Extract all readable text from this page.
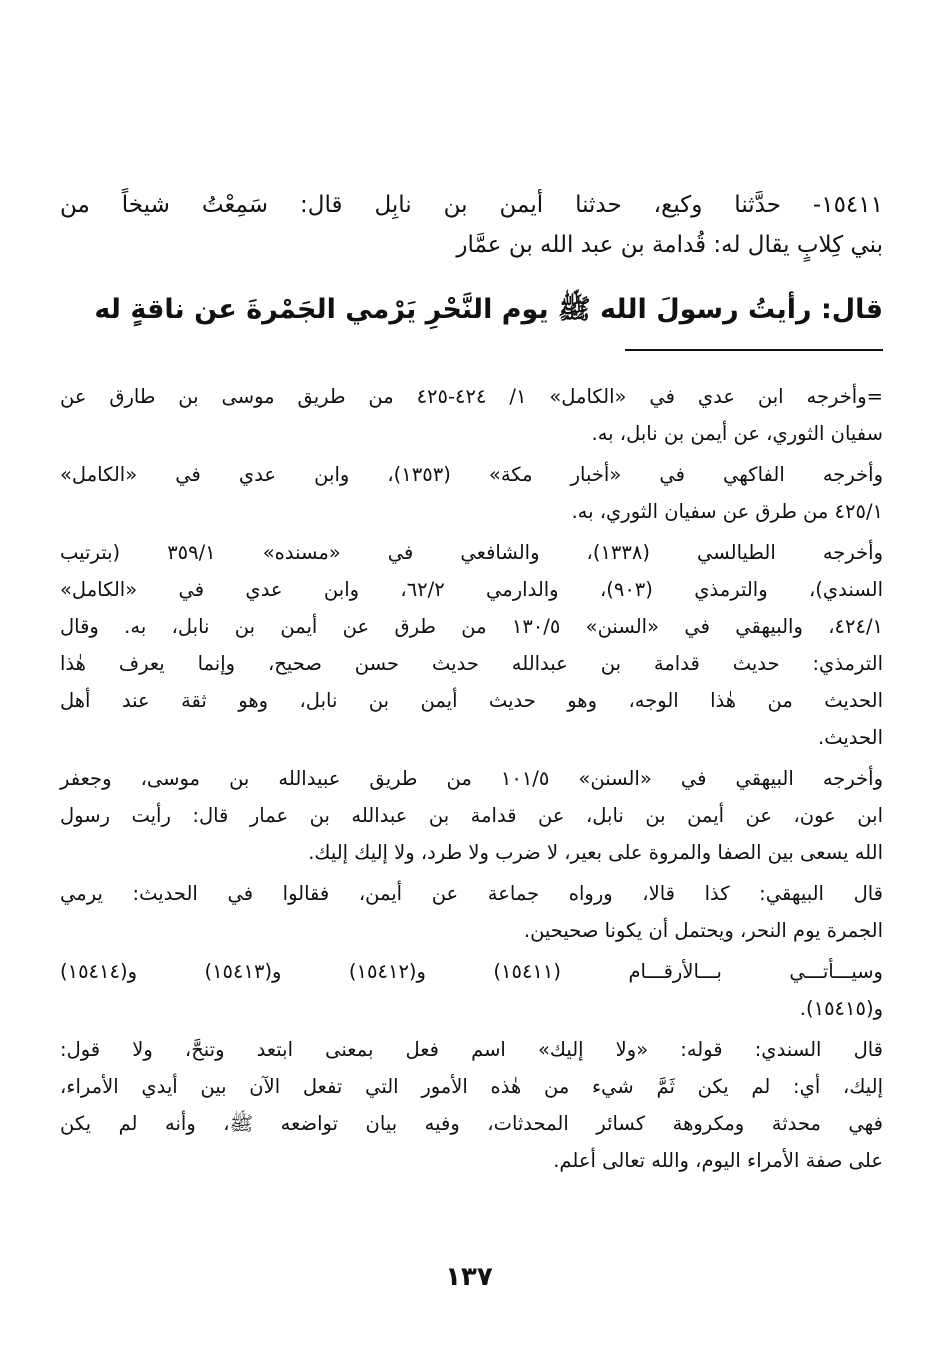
١٥٤١١- حدَّثنا وكيع، حدثنا أيمن بن نابِل قال: سَمِعْتُ شيخاً من
بني كِلابٍ يقال له: قُدامة بن عبد الله بن عمَّار
قال: رأيتُ رسولَ الله ﷺ يوم النَّحْرِ يَرْمي الجَمْرةَ عن ناقةٍ له
=وأخرجه ابن عدي في «الكامل» ١/ ٤٢٤-٤٢٥ من طريق موسى بن طارق عن
سفيان الثوري، عن أيمن بن نابل، به.
وأخرجه الفاكهي في «أخبار مكة» (١٣٥٣)، وابن عدي في «الكامل»
٤٢٥/١ من طرق عن سفيان الثوري، به.
وأخرجه الطيالسي (١٣٣٨)، والشافعي في «مسنده» ٣٥٩/١ (بترتيب
السندي)، والترمذي (٩٠٣)، والدارمي ٦٢/٢، وابن عدي في «الكامل»
٤٢٤/١، والبيهقي في «السنن» ١٣٠/٥ من طرق عن أيمن بن نابل، به. وقال
الترمذي: حديث قدامة بن عبدالله حديث حسن صحيح، وإنما يعرف هٰذا
الحديث من هٰذا الوجه، وهو حديث أيمن بن نابل، وهو ثقة عند أهل
الحديث.
وأخرجه البيهقي في «السنن» ١٠١/٥ من طريق عبيدالله بن موسى، وجعفر
ابن عون، عن أيمن بن نابل، عن قدامة بن عبدالله بن عمار قال: رأيت رسول
الله يسعى بين الصفا والمروة على بعير، لا ضرب ولا طرد، ولا إليك إليك.
قال البيهقي: كذا قالا، ورواه جماعة عن أيمن، فقالوا في الحديث: يرمي
الجمرة يوم النحر، ويحتمل أن يكونا صحيحين.
وسيـــأتـــي بـــالأرقـــام (١٥٤١١) و(١٥٤١٢) و(١٥٤١٣) و(١٥٤١٤)
و(١٥٤١٥).
قال السندي: قوله: «ولا إليك» اسم فعل بمعنى ابتعد وتنحَّ، ولا قول:
إليك، أي: لم يكن ثَمَّ شيء من هٰذه الأمور التي تفعل الآن بين أيدي الأمراء،
فهي محدثة ومكروهة كسائر المحدثات، وفيه بيان تواضعه ﷺ، وأنه لم يكن
على صفة الأمراء اليوم، والله تعالى أعلم.
١٣٧
